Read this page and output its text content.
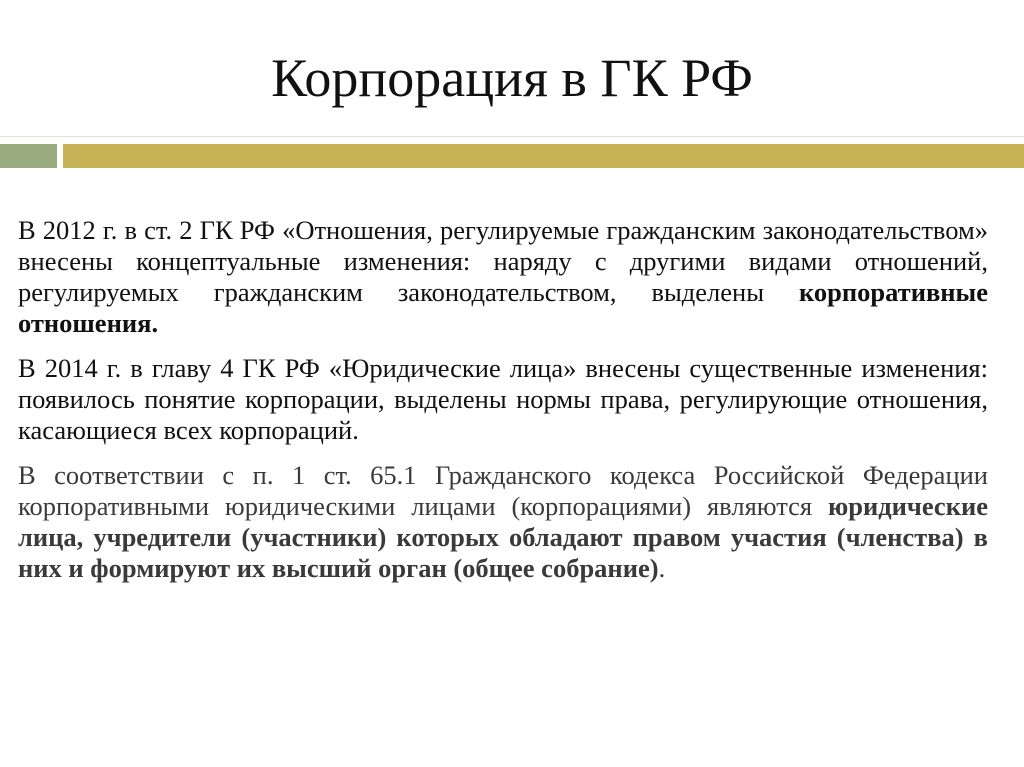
Корпорация в ГК РФ

В 2012 г. в ст. 2 ГК РФ «Отношения, регулируемые гражданским законодательством» внесены концептуальные изменения: наряду с другими видами отношений, регулируемых гражданским законодательством, выделены корпоративные отношения.

В 2014 г. в главу 4 ГК РФ «Юридические лица» внесены существенные изменения: появилось понятие корпорации, выделены нормы права, регулирующие отношения, касающиеся всех корпораций.

В соответствии с п. 1 ст. 65.1 Гражданского кодекса Российской Федерации корпоративными юридическими лицами (корпорациями) являются юридические лица, учредители (участники) которых обладают правом участия (членства) в них и формируют их высший орган (общее собрание).
